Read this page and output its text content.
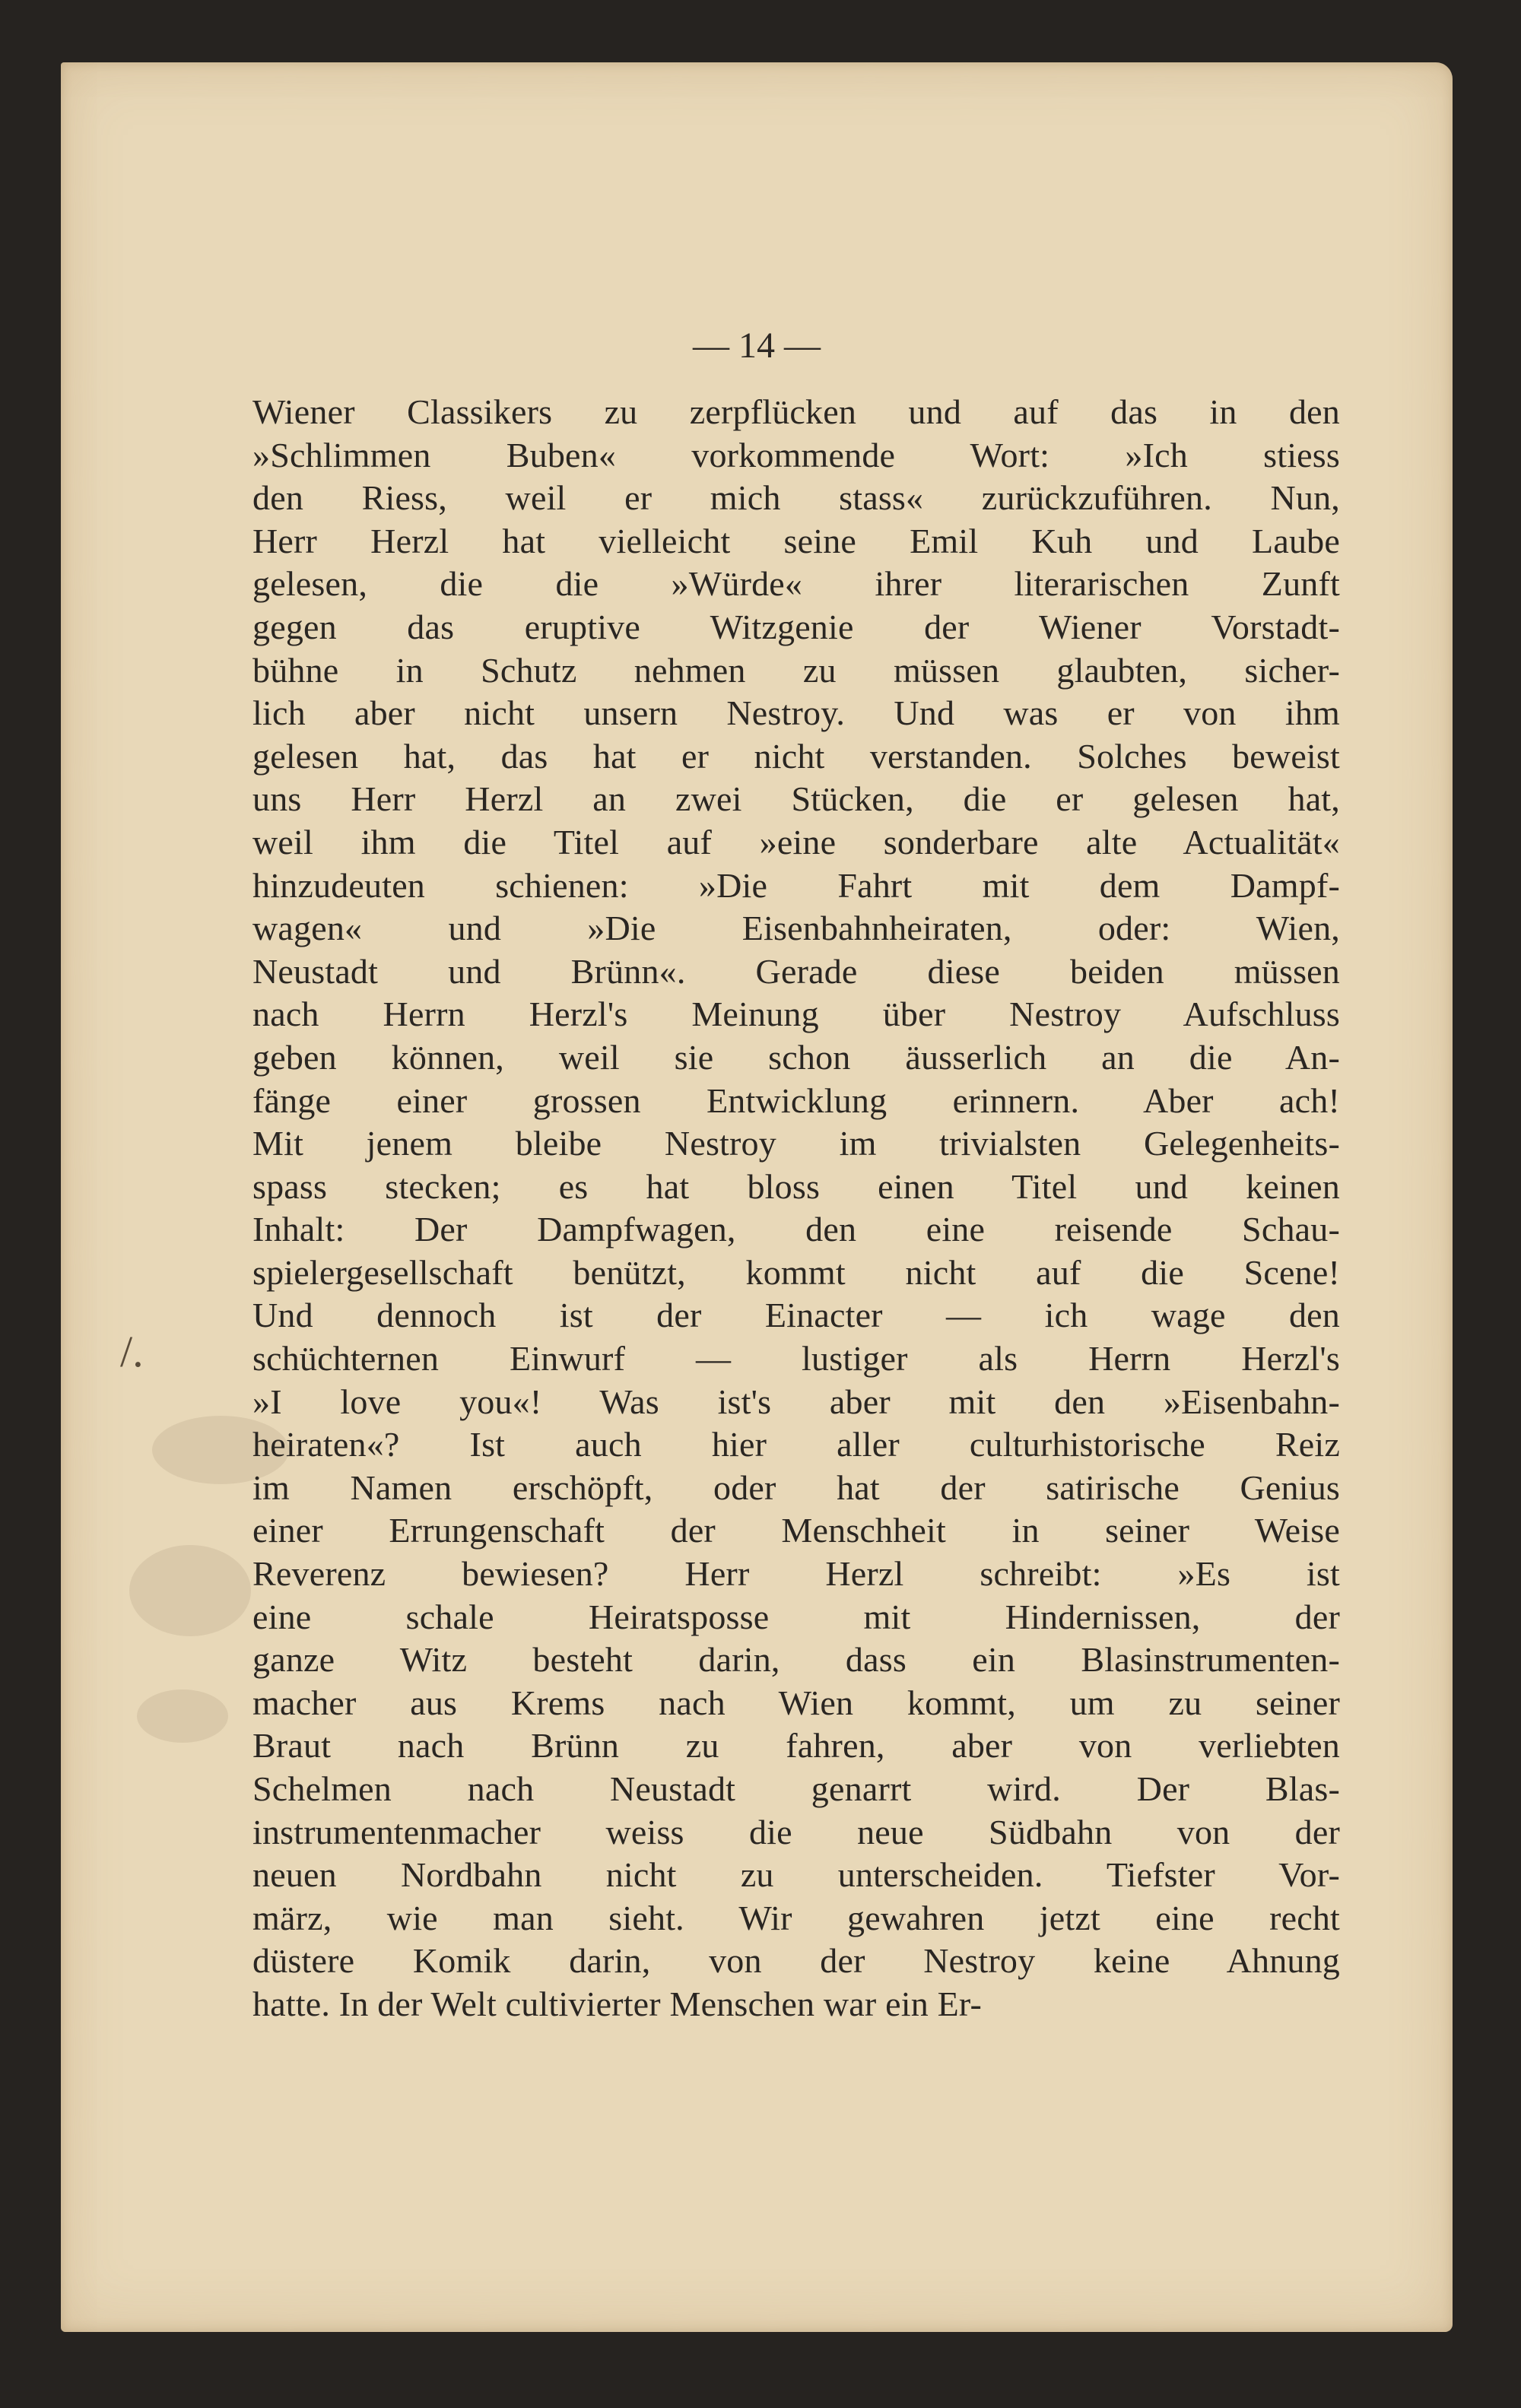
— 14 —
/.
Wiener Classikers zu zerpflücken und auf das in den
»Schlimmen Buben« vorkommende Wort: »Ich stiess
den Riess, weil er mich stass« zurückzuführen. Nun,
Herr Herzl hat vielleicht seine Emil Kuh und Laube
gelesen, die die »Würde« ihrer literarischen Zunft
gegen das eruptive Witzgenie der Wiener Vorstadt-
bühne in Schutz nehmen zu müssen glaubten, sicher-
lich aber nicht unsern Nestroy. Und was er von ihm
gelesen hat, das hat er nicht verstanden. Solches beweist
uns Herr Herzl an zwei Stücken, die er gelesen hat,
weil ihm die Titel auf »eine sonderbare alte Actualität«
hinzudeuten schienen: »Die Fahrt mit dem Dampf-
wagen« und »Die Eisenbahnheiraten, oder: Wien,
Neustadt und Brünn«. Gerade diese beiden müssen
nach Herrn Herzl's Meinung über Nestroy Aufschluss
geben können, weil sie schon äusserlich an die An-
fänge einer grossen Entwicklung erinnern. Aber ach!
Mit jenem bleibe Nestroy im trivialsten Gelegenheits-
spass stecken; es hat bloss einen Titel und keinen
Inhalt: Der Dampfwagen, den eine reisende Schau-
spielergesellschaft benützt, kommt nicht auf die Scene!
Und dennoch ist der Einacter — ich wage den
schüchternen Einwurf — lustiger als Herrn Herzl's
»I love you«! Was ist's aber mit den »Eisenbahn-
heiraten«? Ist auch hier aller culturhistorische Reiz
im Namen erschöpft, oder hat der satirische Genius
einer Errungenschaft der Menschheit in seiner Weise
Reverenz bewiesen? Herr Herzl schreibt: »Es ist
eine schale Heiratsposse mit Hindernissen, der
ganze Witz besteht darin, dass ein Blasinstrumenten-
macher aus Krems nach Wien kommt, um zu seiner
Braut nach Brünn zu fahren, aber von verliebten
Schelmen nach Neustadt genarrt wird. Der Blas-
instrumentenmacher weiss die neue Südbahn von der
neuen Nordbahn nicht zu unterscheiden. Tiefster Vor-
märz, wie man sieht. Wir gewahren jetzt eine recht
düstere Komik darin, von der Nestroy keine Ahnung
hatte. In der Welt cultivierter Menschen war ein Er-
